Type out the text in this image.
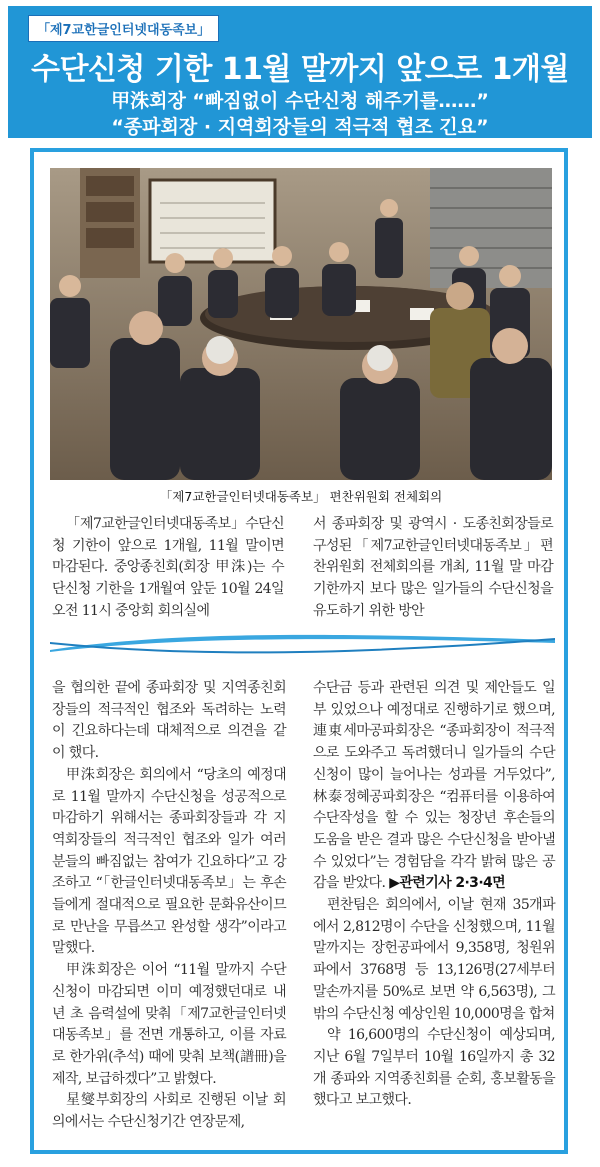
「제7교한글인터넷대동족보」
수단신청 기한 11월 말까지 앞으로 1개월
甲洙회장 “빠짐없이 수단신청 해주기를……”
“종파회장 · 지역회장들의 적극적 협조 긴요”
「제7교한글인터넷대동족보」 편찬위원회 전체회의

「제7교한글인터넷대동족보」수단신청 기한이 앞으로 1개월, 11월 말이면 마감된다. 중앙종친회(회장 甲洙)는 수단신청 기한을 1개월여 앞둔 10월 24일 오전 11시 중앙회 회의실에

서 종파회장 및 광역시 · 도종친회장들로 구성된「제7교한글인터넷대동족보」편찬위원회 전체회의를 개최, 11월 말 마감기한까지 보다 많은 일가들의 수단신청을 유도하기 위한 방안

을 협의한 끝에 종파회장 및 지역종친회장들의 적극적인 협조와 독려하는 노력이 긴요하다는데 대체적으로 의견을 같이 했다.

甲洙회장은 회의에서 “당초의 예정대로 11월 말까지 수단신청을 성공적으로 마감하기 위해서는 종파회장들과 각 지역회장들의 적극적인 협조와 일가 여러분들의 빠짐없는 참여가 긴요하다”고 강조하고 “「한글인터넷대동족보」는 후손들에게 절대적으로 필요한 문화유산이므로 만난을 무릅쓰고 완성할 생각”이라고 말했다.

甲洙회장은 이어 “11월 말까지 수단신청이 마감되면 이미 예정했던대로 내년 초 음력설에 맞춰「제7교한글인터넷대동족보」를 전면 개통하고, 이를 자료로 한가위(추석) 때에 맞춰 보책(譜冊)을 제작, 보급하겠다”고 밝혔다.

星燮부회장의 사회로 진행된 이날 회의에서는 수단신청기간 연장문제,

수단금 등과 관련된 의견 및 제안들도 일부 있었으나 예정대로 진행하기로 했으며, 連東세마공파회장은 “종파회장이 적극적으로 도와주고 독려했더니 일가들의 수단신청이 많이 늘어나는 성과를 거두었다”, 林泰정혜공파회장은 “컴퓨터를 이용하여 수단작성을 할 수 있는 청장년 후손들의 도움을 받은 결과 많은 수단신청을 받아낼 수 있었다”는 경험담을 각각 밝혀 많은 공감을 받았다. ▶관련기사 2·3·4면

편찬팀은 회의에서, 이날 현재 35개파에서 2,812명이 수단을 신청했으며, 11월 말까지는 장헌공파에서 9,358명, 청원위파에서 3768명 등 13,126명(27세부터 말손까지를 50%로 보면 약 6,563명), 그 밖의 수단신청 예상인원 10,000명을 합쳐

약 16,600명의 수단신청이 예상되며, 지난 6월 7일부터 10월 16일까지 총 32개 종파와 지역종친회를 순회, 홍보활동을 했다고 보고했다.
